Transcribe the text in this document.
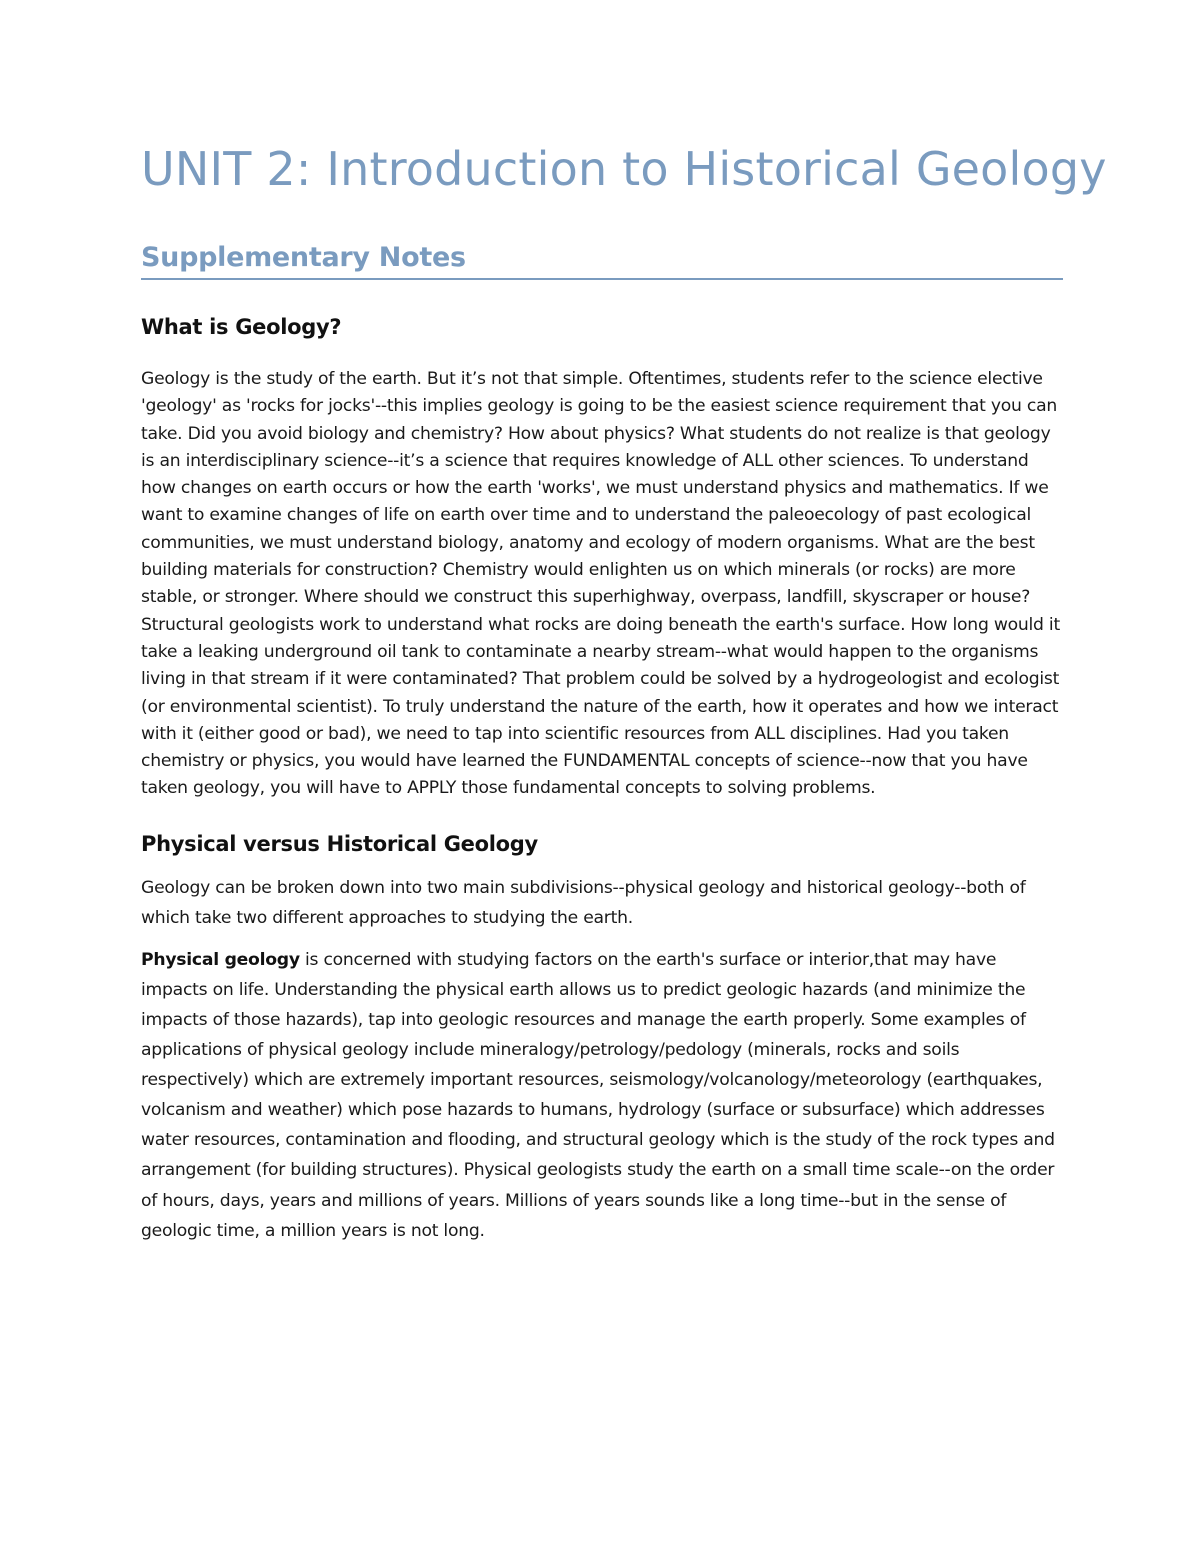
UNIT 2: Introduction to Historical Geology
Supplementary Notes
What is Geology?

Geology is the study of the earth. But it’s not that simple. Oftentimes, students refer to the science elective 'geology' as 'rocks for jocks'--this implies geology is going to be the easiest science requirement that you can take. Did you avoid biology and chemistry? How about physics? What students do not realize is that geology is an interdisciplinary science--it’s a science that requires knowledge of ALL other sciences. To understand how changes on earth occurs or how the earth 'works', we must understand physics and mathematics. If we want to examine changes of life on earth over time and to understand the paleoecology of past ecological communities, we must understand biology, anatomy and ecology of modern organisms. What are the best building materials for construction? Chemistry would enlighten us on which minerals (or rocks) are more stable, or stronger. Where should we construct this superhighway, overpass, landfill, skyscraper or house? Structural geologists work to understand what rocks are doing beneath the earth's surface. How long would it take a leaking underground oil tank to contaminate a nearby stream--what would happen to the organisms living in that stream if it were contaminated? That problem could be solved by a hydrogeologist and ecologist (or environmental scientist). To truly understand the nature of the earth, how it operates and how we interact with it (either good or bad), we need to tap into scientific resources from ALL disciplines. Had you taken chemistry or physics, you would have learned the FUNDAMENTAL concepts of science--now that you have taken geology, you will have to APPLY those fundamental concepts to solving problems.

Physical versus Historical Geology

Geology can be broken down into two main subdivisions--physical geology and historical geology--both of which take two different approaches to studying the earth.

Physical geology is concerned with studying factors on the earth's surface or interior,that may have impacts on life. Understanding the physical earth allows us to predict geologic hazards (and minimize the impacts of those hazards), tap into geologic resources and manage the earth properly. Some examples of applications of physical geology include mineralogy/petrology/pedology (minerals, rocks and soils respectively) which are extremely important resources, seismology/volcanology/meteorology (earthquakes, volcanism and weather) which pose hazards to humans, hydrology (surface or subsurface) which addresses water resources, contamination and flooding, and structural geology which is the study of the rock types and arrangement (for building structures). Physical geologists study the earth on a small time scale--on the order of hours, days, years and millions of years. Millions of years sounds like a long time--but in the sense of geologic time, a million years is not long.
